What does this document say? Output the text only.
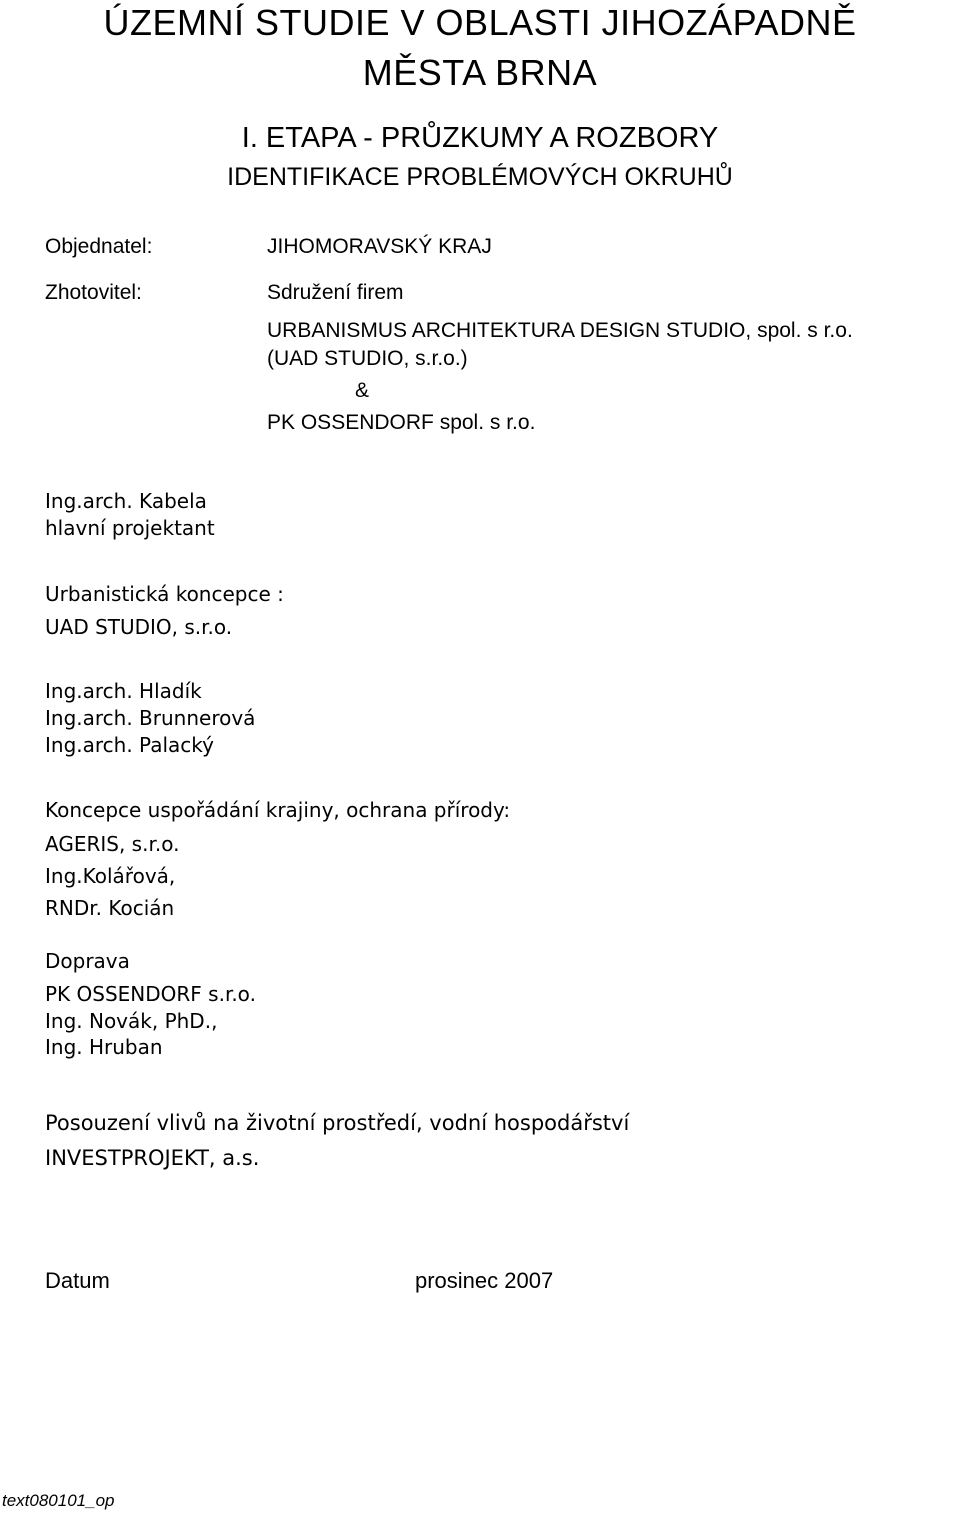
ÚZEMNÍ STUDIE V OBLASTI JIHOZÁPADNĚ
MĚSTA BRNA
I. ETAPA - PRŮZKUMY A ROZBORY
IDENTIFIKACE PROBLÉMOVÝCH OKRUHŮ
Objednatel:	JIHOMORAVSKÝ KRAJ
Zhotovitel:	Sdružení firem
URBANISMUS ARCHITEKTURA DESIGN STUDIO, spol. s r.o.
(UAD STUDIO, s.r.o.)
&
PK OSSENDORF spol. s r.o.
Ing.arch. Kabela
hlavní projektant
Urbanistická koncepce :
UAD STUDIO, s.r.o.
Ing.arch. Hladík
Ing.arch. Brunnerová
Ing.arch. Palacký
Koncepce uspořádání krajiny, ochrana přírody:
AGERIS, s.r.o.
Ing.Kolářová,
RNDr. Kocián
Doprava
PK OSSENDORF s.r.o.
Ing. Novák, PhD.,
Ing. Hruban
Posouzení vlivů na životní prostředí, vodní hospodářství
INVESTPROJEKT, a.s.
Datum	prosinec 2007
text080101_op
